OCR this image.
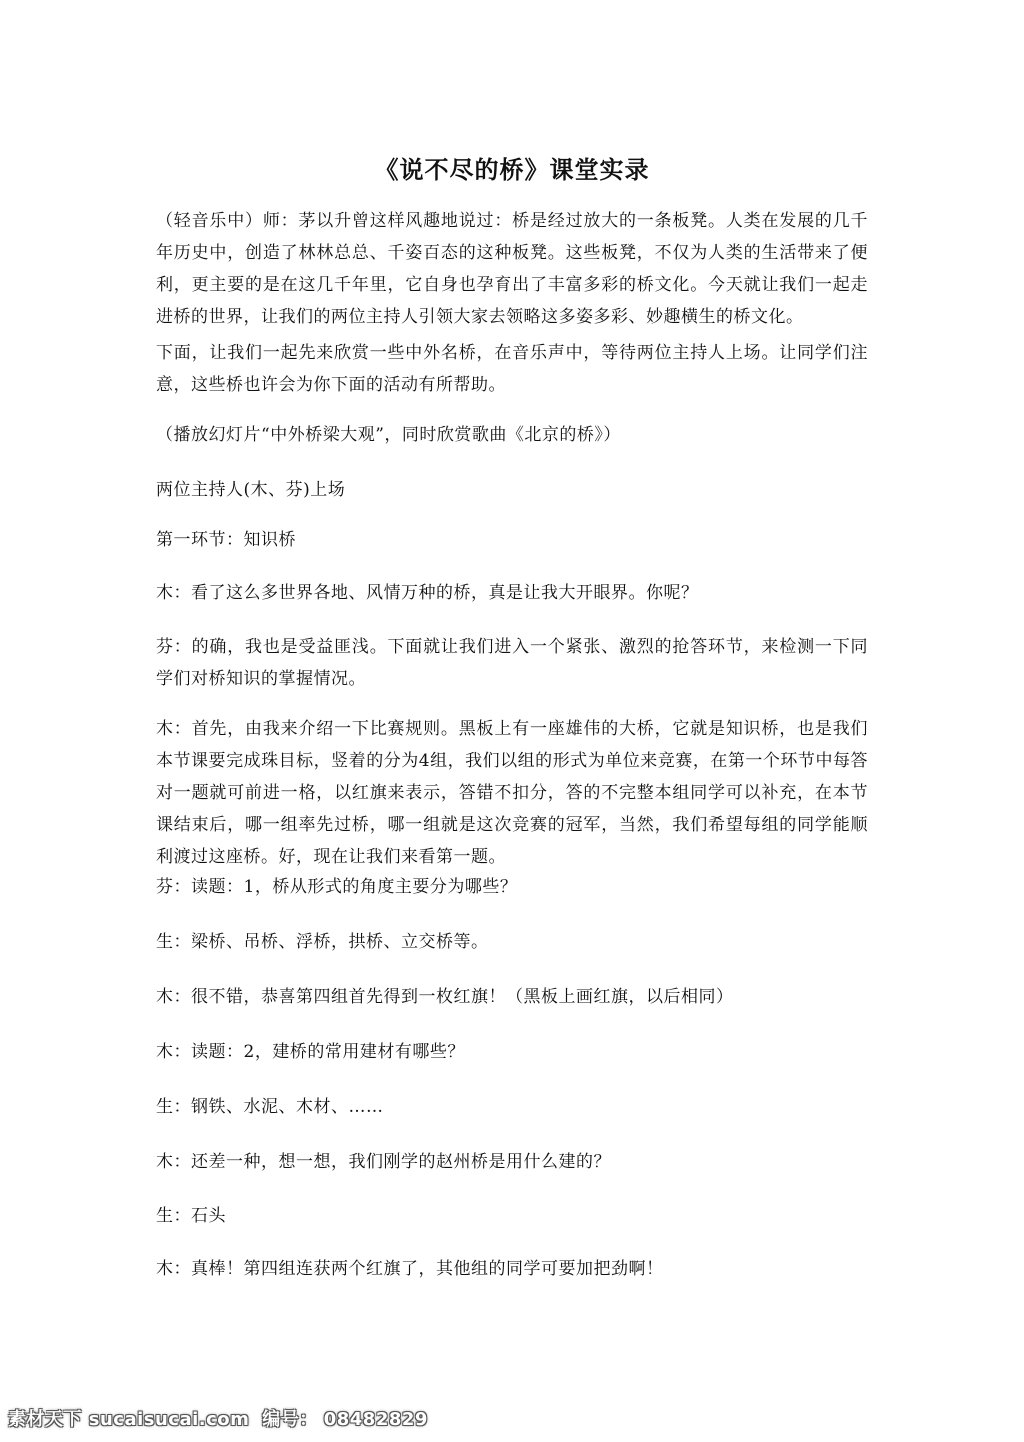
《说不尽的桥》课堂实录

（轻音乐中）师：茅以升曾这样风趣地说过：桥是经过放大的一条板凳。人类在发展的几千年历史中，创造了林林总总、千姿百态的这种板凳。这些板凳，不仅为人类的生活带来了便利，更主要的是在这几千年里，它自身也孕育出了丰富多彩的桥文化。今天就让我们一起走进桥的世界，让我们的两位主持人引领大家去领略这多姿多彩、妙趣横生的桥文化。

下面，让我们一起先来欣赏一些中外名桥，在音乐声中，等待两位主持人上场。让同学们注意，这些桥也许会为你下面的活动有所帮助。

（播放幻灯片“中外桥梁大观”，同时欣赏歌曲《北京的桥》）

两位主持人(木、芬)上场

第一环节：知识桥

木：看了这么多世界各地、风情万种的桥，真是让我大开眼界。你呢？

芬：的确，我也是受益匪浅。下面就让我们进入一个紧张、激烈的抢答环节，来检测一下同学们对桥知识的掌握情况。

木：首先，由我来介绍一下比赛规则。黑板上有一座雄伟的大桥，它就是知识桥，也是我们本节课要完成珠目标，竖着的分为4组，我们以组的形式为单位来竞赛，在第一个环节中每答对一题就可前进一格，以红旗来表示，答错不扣分，答的不完整本组同学可以补充，在本节课结束后，哪一组率先过桥，哪一组就是这次竞赛的冠军，当然，我们希望每组的同学能顺利渡过这座桥。好，现在让我们来看第一题。

芬：读题：1，桥从形式的角度主要分为哪些？

生：梁桥、吊桥、浮桥，拱桥、立交桥等。

木：很不错，恭喜第四组首先得到一枚红旗！（黑板上画红旗，以后相同）

木：读题：2，建桥的常用建材有哪些？

生：钢铁、水泥、木材、……

木：还差一种，想一想，我们刚学的赵州桥是用什么建的？

生：石头

木：真棒！第四组连获两个红旗了，其他组的同学可要加把劲啊！

素材天下 sucaisucai.com 编号： 08482829
